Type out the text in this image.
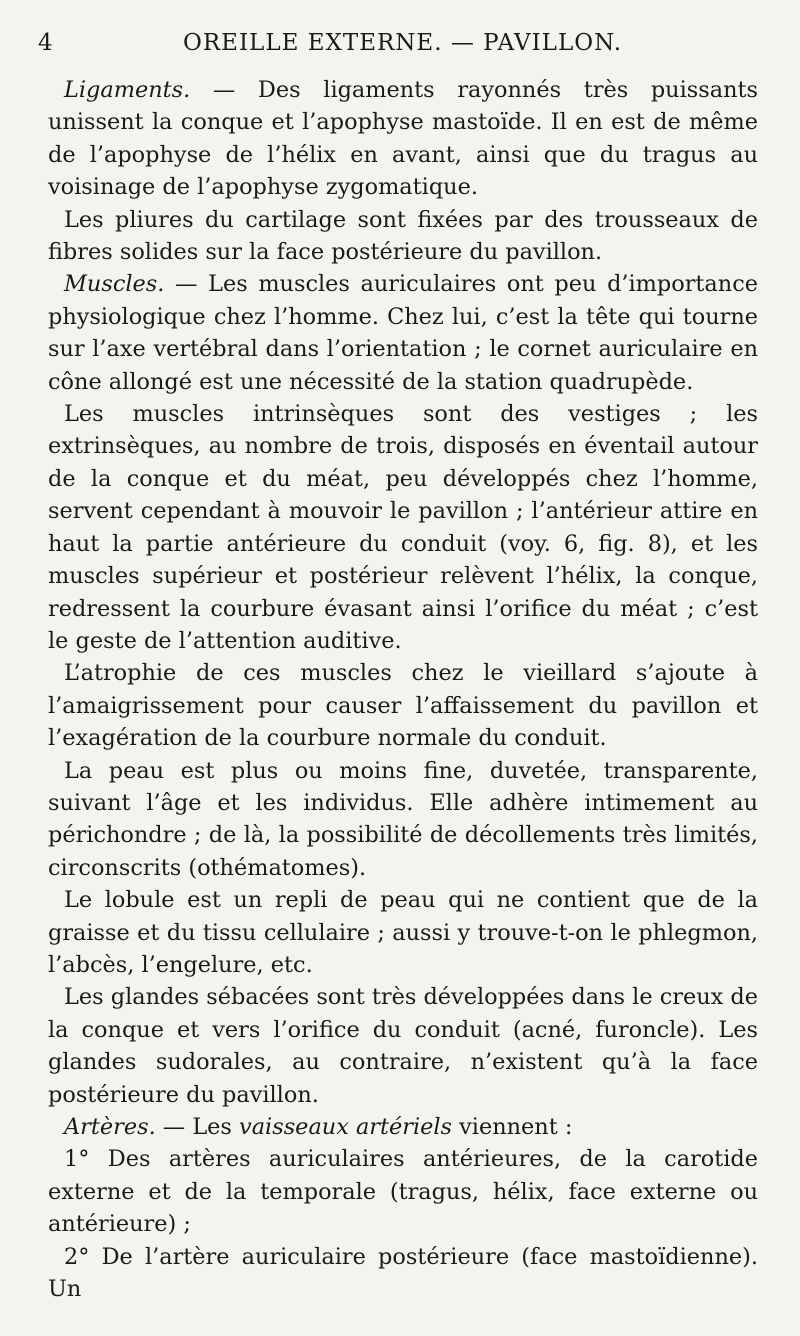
4	OREILLE EXTERNE. — PAVILLON.

Ligaments. — Des ligaments rayonnés très puissants unissent la conque et l’apophyse mastoïde. Il en est de même de l’apophyse de l’hélix en avant, ainsi que du tragus au voisinage de l’apophyse zygomatique.

Les pliures du cartilage sont fixées par des trousseaux de fibres solides sur la face postérieure du pavillon.

Muscles. — Les muscles auriculaires ont peu d’importance physiologique chez l’homme. Chez lui, c’est la tête qui tourne sur l’axe vertébral dans l’orientation ; le cornet auriculaire en cône allongé est une nécessité de la station quadrupède.

Les muscles intrinsèques sont des vestiges ; les extrinsèques, au nombre de trois, disposés en éventail autour de la conque et du méat, peu développés chez l’homme, servent cependant à mouvoir le pavillon ; l’antérieur attire en haut la partie antérieure du conduit (voy. 6, fig. 8), et les muscles supérieur et postérieur relèvent l’hélix, la conque, redressent la courbure évasant ainsi l’orifice du méat ; c’est le geste de l’attention auditive.

L’atrophie de ces muscles chez le vieillard s’ajoute à l’amaigrissement pour causer l’affaissement du pavillon et l’exagération de la courbure normale du conduit.

La peau est plus ou moins fine, duvetée, transparente, suivant l’âge et les individus. Elle adhère intimement au périchondre ; de là, la possibilité de décollements très limités, circonscrits (othématomes).

Le lobule est un repli de peau qui ne contient que de la graisse et du tissu cellulaire ; aussi y trouve-t-on le phlegmon, l’abcès, l’engelure, etc.

Les glandes sébacées sont très développées dans le creux de la conque et vers l’orifice du conduit (acné, furoncle). Les glandes sudorales, au contraire, n’existent qu’à la face postérieure du pavillon.

Artères. — Les vaisseaux artériels viennent :

1° Des artères auriculaires antérieures, de la carotide externe et de la temporale (tragus, hélix, face externe ou antérieure) ;

2° De l’artère auriculaire postérieure (face mastoïdienne). Un
